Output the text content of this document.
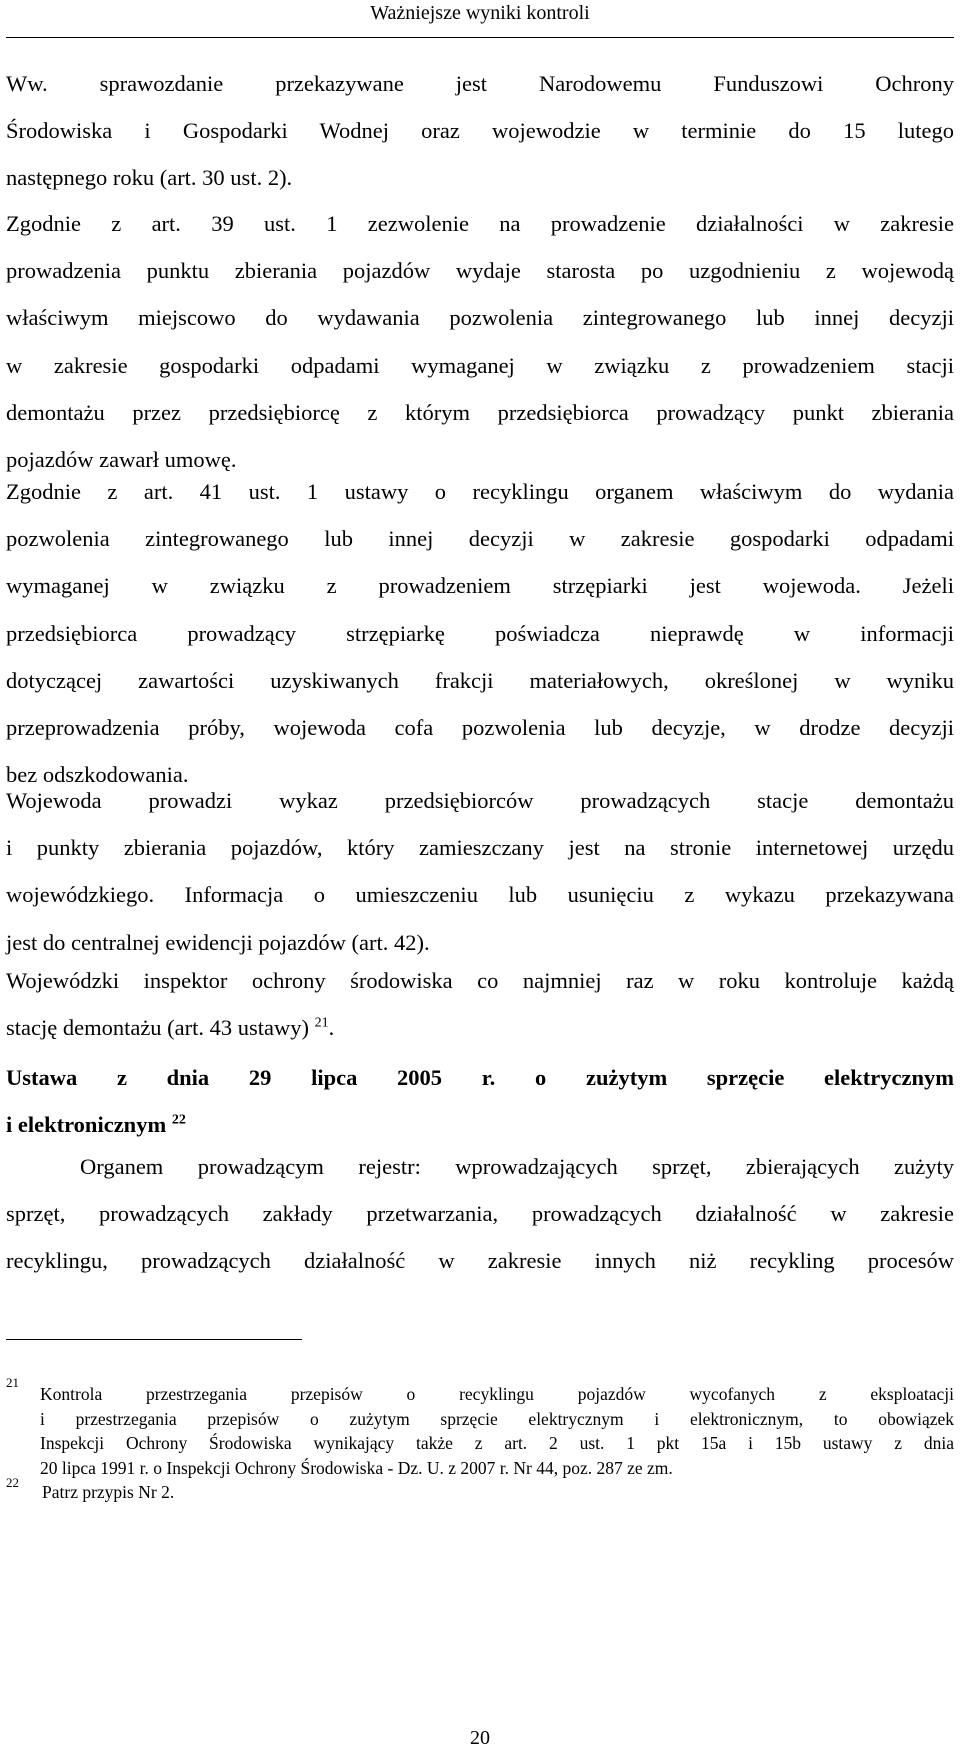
Ważniejsze wyniki kontroli
Ww. sprawozdanie przekazywane jest Narodowemu Funduszowi Ochrony
Środowiska i Gospodarki Wodnej oraz wojewodzie w terminie do 15 lutego
następnego roku (art. 30 ust. 2).
Zgodnie z art. 39 ust. 1 zezwolenie na prowadzenie działalności w zakresie
prowadzenia punktu zbierania pojazdów wydaje starosta po uzgodnieniu z wojewodą
właściwym miejscowo do wydawania pozwolenia zintegrowanego lub innej decyzji
w zakresie gospodarki odpadami wymaganej w związku z prowadzeniem stacji
demontażu przez przedsiębiorcę z którym przedsiębiorca prowadzący punkt zbierania
pojazdów zawarł umowę.
Zgodnie z art. 41 ust. 1 ustawy o recyklingu organem właściwym do wydania
pozwolenia zintegrowanego lub innej decyzji w zakresie gospodarki odpadami
wymaganej w związku z prowadzeniem strzępiarki jest wojewoda. Jeżeli
przedsiębiorca prowadzący strzępiarkę poświadcza nieprawdę w informacji
dotyczącej zawartości uzyskiwanych frakcji materiałowych, określonej w wyniku
przeprowadzenia próby, wojewoda cofa pozwolenia lub decyzje, w drodze decyzji
bez odszkodowania.
Wojewoda prowadzi wykaz przedsiębiorców prowadzących stacje demontażu
i punkty zbierania pojazdów, który zamieszczany jest na stronie internetowej urzędu
wojewódzkiego. Informacja o umieszczeniu lub usunięciu z wykazu przekazywana
jest do centralnej ewidencji pojazdów (art. 42).
Wojewódzki inspektor ochrony środowiska co najmniej raz w roku kontroluje każdą
stację demontażu (art. 43 ustawy) $^{21}$.
Ustawa z dnia 29 lipca 2005 r. o zużytym sprzęcie elektrycznym
i elektronicznym $^{22}$
Organem prowadzącym rejestr: wprowadzających sprzęt, zbierających zużyty
sprzęt, prowadzących zakłady przetwarzania, prowadzących działalność w zakresie
recyklingu, prowadzących działalność w zakresie innych niż recykling procesów
21
Kontrola przestrzegania przepisów o recyklingu pojazdów wycofanych z eksploatacji
i przestrzegania przepisów o zużytym sprzęcie elektrycznym i elektronicznym, to obowiązek
Inspekcji Ochrony Środowiska wynikający także z art. 2 ust. 1 pkt 15a i 15b ustawy z dnia
20 lipca 1991 r. o Inspekcji Ochrony Środowiska - Dz. U. z 2007 r. Nr 44, poz. 287 ze zm.
22 Patrz przypis Nr 2.
20
